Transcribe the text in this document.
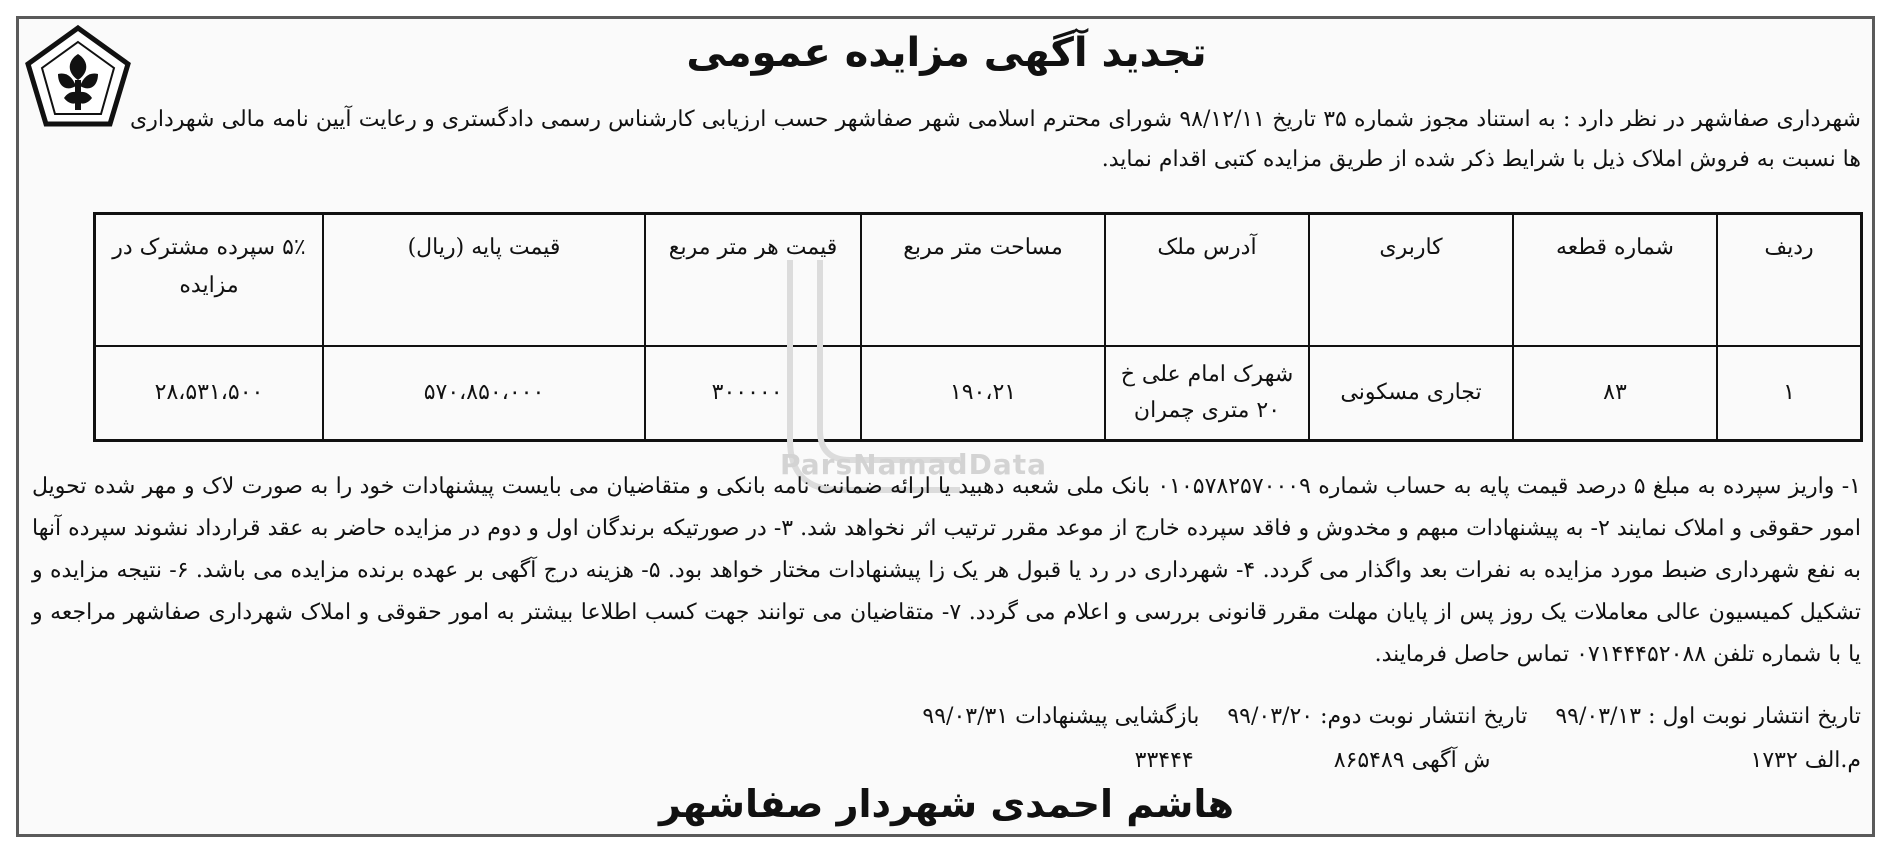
تجدید آگهی مزایده عمومی
شهرداری صفاشهر در نظر دارد : به استناد مجوز شماره ۳۵ تاریخ ۹۸/۱۲/۱۱ شورای محترم اسلامی شهر صفاشهر حسب ارزیابی کارشناس رسمی دادگستری و رعایت آیین نامه مالی شهرداری ها نسبت به فروش املاک ذیل با شرایط ذکر شده از طریق مزایده کتبی اقدام نماید.
ردیف	شماره قطعه	کاربری	آدرس ملک	مساحت متر مربع	قیمت هر متر مربع	قیمت پایه (ریال)	۵٪ سپرده مشترک در مزایده
۱	۸۳	تجاری مسکونی	شهرک امام علی خ ۲۰ متری چمران	۱۹۰،۲۱	۳۰۰۰۰۰۰	۵۷۰،۸۵۰،۰۰۰	۲۸،۵۳۱،۵۰۰
ParsNamadData
۱- واریز سپرده به مبلغ ۵ درصد قیمت پایه به حساب شماره ۰۱۰۵۷۸۲۵۷۰۰۰۹ بانک ملی شعبه دهبید یا ارائه ضمانت نامه بانکی و متقاضیان می بایست پیشنهادات خود را به صورت لاک و مهر شده تحویل امور حقوقی و املاک نمایند ۲- به پیشنهادات مبهم و مخدوش و فاقد سپرده خارج از موعد مقرر ترتیب اثر نخواهد شد. ۳- در صورتیکه برندگان اول و دوم در مزایده حاضر به عقد قرارداد نشوند سپرده آنها به نفع شهرداری ضبط مورد مزایده به نفرات بعد واگذار می گردد. ۴- شهرداری در رد یا قبول هر یک زا پیشنهادات مختار خواهد بود. ۵- هزینه درج آگهی بر عهده برنده مزایده می باشد. ۶- نتیجه مزایده و تشکیل کمیسیون عالی معاملات یک روز پس از پایان مهلت مقرر قانونی بررسی و اعلام می گردد. ۷- متقاضیان می توانند جهت کسب اطلاعا بیشتر به امور حقوقی و املاک شهرداری صفاشهر مراجعه و یا با شماره تلفن ۰۷۱۴۴۴۵۲۰۸۸ تماس حاصل فرمایند.
تاریخ انتشار نوبت اول : ۹۹/۰۳/۱۳
تاریخ انتشار نوبت دوم: ۹۹/۰۳/۲۰
بازگشایی پیشنهادات ۹۹/۰۳/۳۱
م.الف ۱۷۳۲
ش آگهی ۸۶۵۴۸۹
۳۳۴۴۴
هاشم احمدی شهردار صفاشهر
